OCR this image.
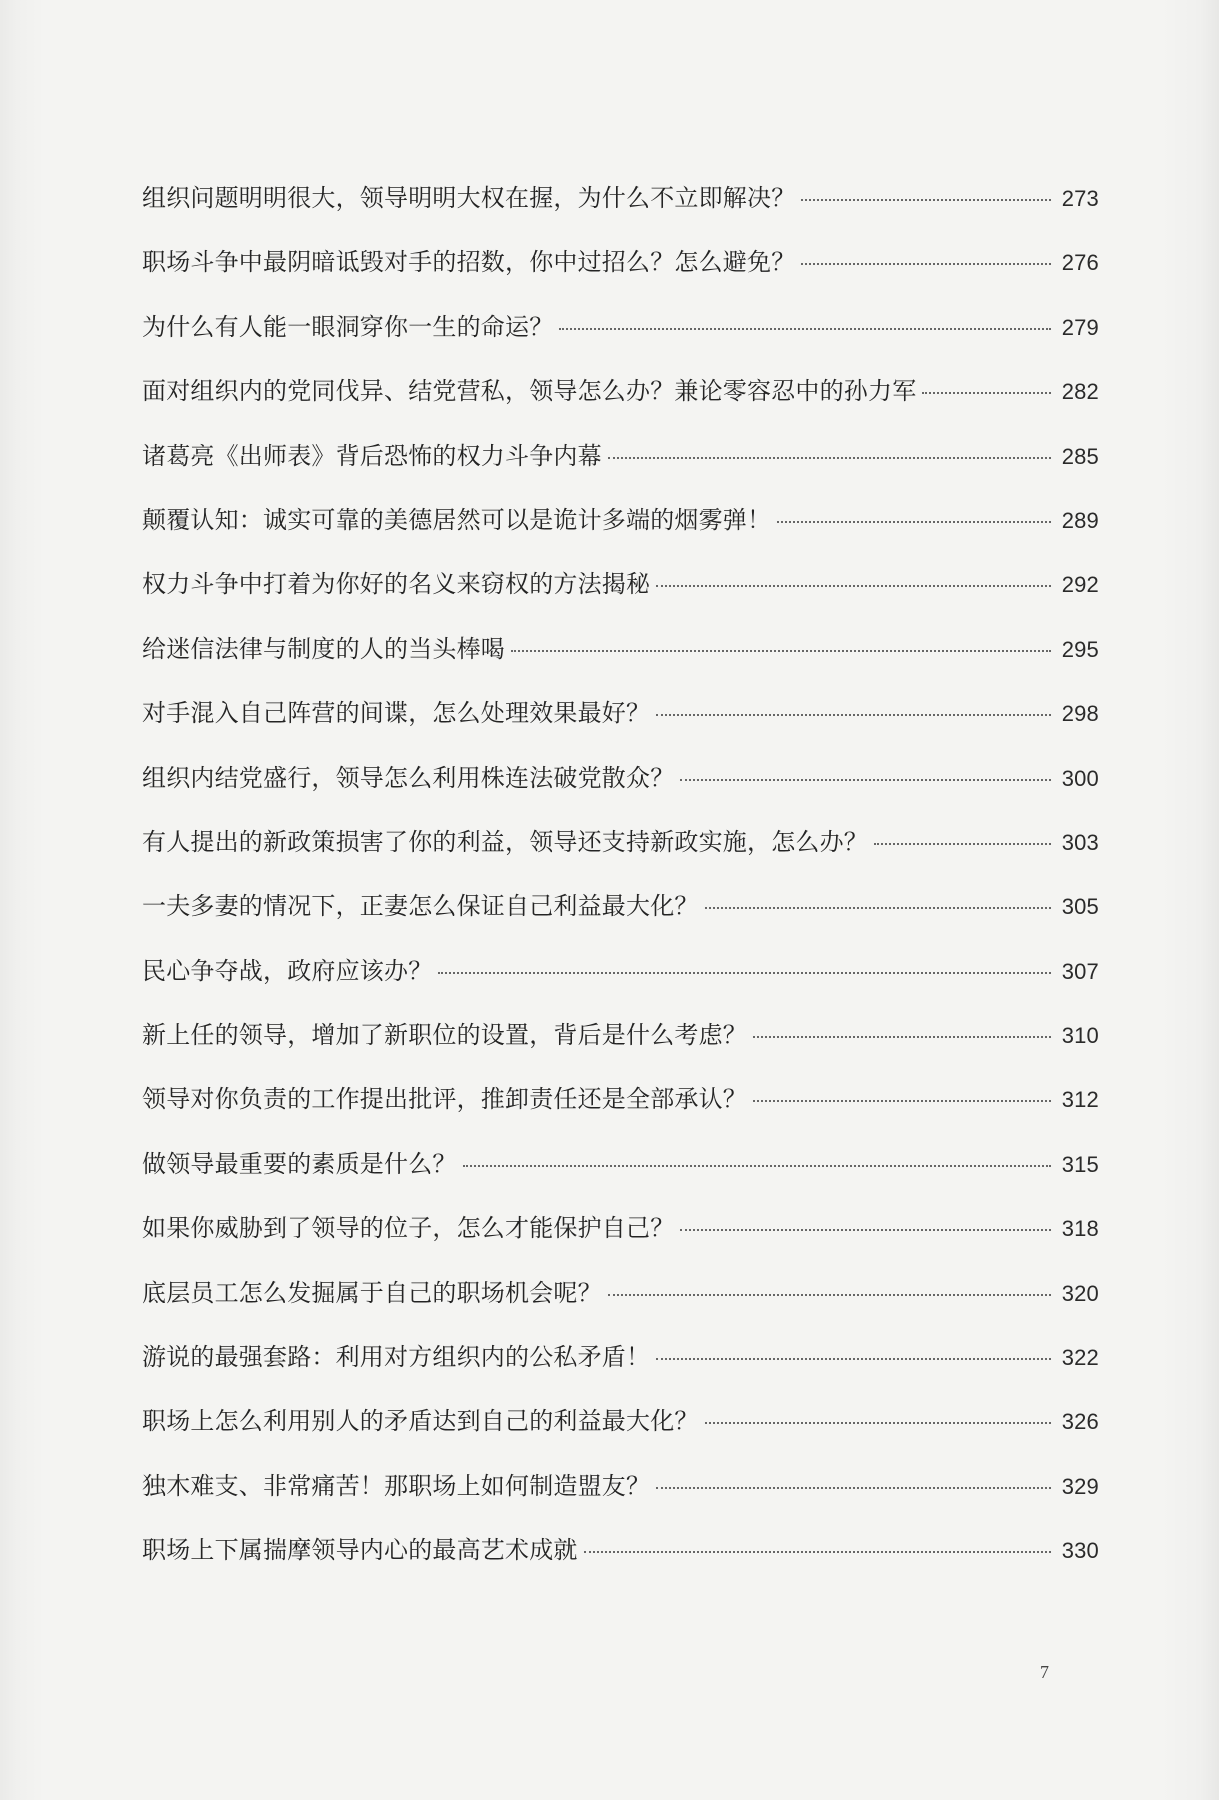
组织问题明明很大，领导明明大权在握，为什么不立即解决？	273
职场斗争中最阴暗诋毁对手的招数，你中过招么？怎么避免？	276
为什么有人能一眼洞穿你一生的命运？	279
面对组织内的党同伐异、结党营私，领导怎么办？兼论零容忍中的孙力军	282
诸葛亮《出师表》背后恐怖的权力斗争内幕	285
颠覆认知：诚实可靠的美德居然可以是诡计多端的烟雾弹！	289
权力斗争中打着为你好的名义来窃权的方法揭秘	292
给迷信法律与制度的人的当头棒喝	295
对手混入自己阵营的间谍，怎么处理效果最好？	298
组织内结党盛行，领导怎么利用株连法破党散众？	300
有人提出的新政策损害了你的利益，领导还支持新政实施，怎么办？	303
一夫多妻的情况下，正妻怎么保证自己利益最大化？	305
民心争夺战，政府应该办？	307
新上任的领导，增加了新职位的设置，背后是什么考虑？	310
领导对你负责的工作提出批评，推卸责任还是全部承认？	312
做领导最重要的素质是什么？	315
如果你威胁到了领导的位子，怎么才能保护自己？	318
底层员工怎么发掘属于自己的职场机会呢？	320
游说的最强套路：利用对方组织内的公私矛盾！	322
职场上怎么利用别人的矛盾达到自己的利益最大化？	326
独木难支、非常痛苦！那职场上如何制造盟友？	329
职场上下属揣摩领导内心的最高艺术成就	330
7
